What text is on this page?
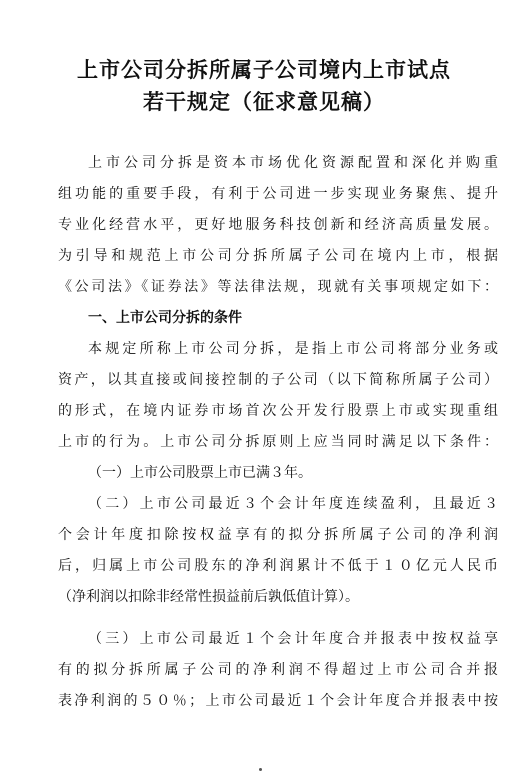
上市公司分拆所属子公司境内上市试点
若干规定（征求意见稿）

上市公司分拆是资本市场优化资源配置和深化并购重

组功能的重要手段，有利于公司进一步实现业务聚焦、提升

专业化经营水平，更好地服务科技创新和经济高质量发展。

为引导和规范上市公司分拆所属子公司在境内上市，根据

《公司法》《证券法》等法律法规，现就有关事项规定如下：

一、上市公司分拆的条件

本规定所称上市公司分拆，是指上市公司将部分业务或

资产，以其直接或间接控制的子公司（以下简称所属子公司）

的形式，在境内证券市场首次公开发行股票上市或实现重组

上市的行为。上市公司分拆原则上应当同时满足以下条件：

（一）上市公司股票上市已满３年。

（二）上市公司最近３个会计年度连续盈利，且最近３

个会计年度扣除按权益享有的拟分拆所属子公司的净利润

后，归属上市公司股东的净利润累计不低于１０亿元人民币

（净利润以扣除非经常性损益前后孰低值计算）。

（三）上市公司最近１个会计年度合并报表中按权益享

有的拟分拆所属子公司的净利润不得超过上市公司合并报

表净利润的５０％；上市公司最近１个会计年度合并报表中按
